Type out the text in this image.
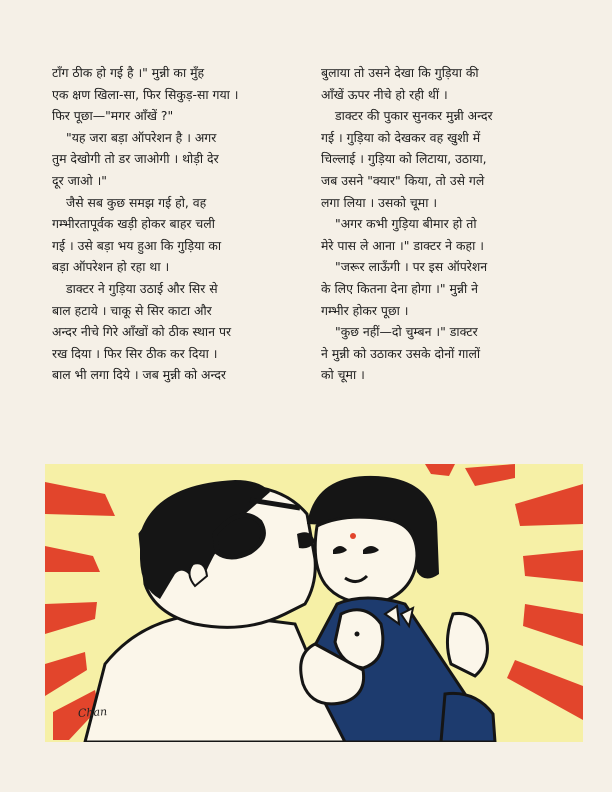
टाँग ठीक हो गई है ।" मुन्नी का मुँह
एक क्षण खिला-सा, फिर सिकुड़-सा गया ।
फिर पूछा—"मगर आँखें ?"
"यह जरा बड़ा ऑपरेशन है । अगर
तुम देखोगी तो डर जाओगी । थोड़ी देर
दूर जाओ ।"
जैसे सब कुछ समझ गई हो, वह
गम्भीरतापूर्वक खड़ी होकर बाहर चली
गई । उसे बड़ा भय हुआ कि गुड़िया का
बड़ा ऑपरेशन हो रहा था ।
डाक्टर ने गुड़िया उठाई और सिर से
बाल हटाये । चाकू से सिर काटा और
अन्दर नीचे गिरे आँखों को ठीक स्थान पर
रख दिया । फिर सिर ठीक कर दिया ।
बाल भी लगा दिये । जब मुन्नी को अन्दर
बुलाया तो उसने देखा कि गुड़िया की
आँखें ऊपर नीचे हो रही थीं ।
डाक्टर की पुकार सुनकर मुन्नी अन्दर
गई । गुड़िया को देखकर वह खुशी में
चिल्लाई । गुड़िया को लिटाया, उठाया,
जब उसने "क्यार" किया, तो उसे गले
लगा लिया । उसको चूमा ।
"अगर कभी गुड़िया बीमार हो तो
मेरे पास ले आना ।" डाक्टर ने कहा ।
"जरूर लाऊँगी । पर इस ऑपरेशन
के लिए कितना देना होगा ।" मुन्नी ने
गम्भीर होकर पूछा ।
"कुछ नहीं—दो चुम्बन ।" डाक्टर
ने मुन्नी को उठाकर उसके दोनों गालों
को चूमा ।
Chan
